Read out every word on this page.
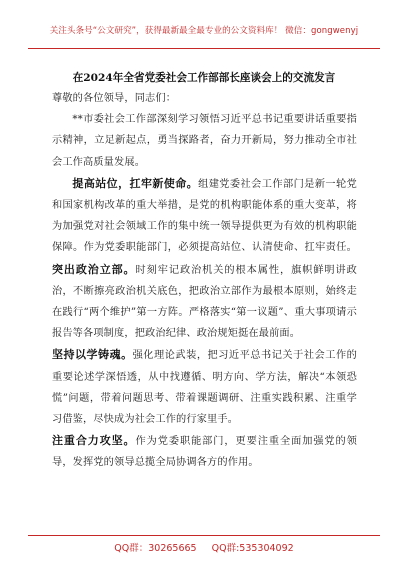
关注头条号“公文研究”，获得最新最全最专业的公文资料库！ 微信：gongwenyj
在2024年全省党委社会工作部部长座谈会上的交流发言

尊敬的各位领导，同志们：

**市委社会工作部深刻学习领悟习近平总书记重要讲话重要指示精神，立足新起点，勇当探路者，奋力开新局，努力推动全市社会工作高质量发展。

提高站位，扛牢新使命。组建党委社会工作部门是新一轮党和国家机构改革的重大举措，是党的机构职能体系的重大变革，将为加强党对社会领域工作的集中统一领导提供更为有效的机构职能保障。作为党委职能部门，必须提高站位、认清使命、扛牢责任。突出政治立部。时刻牢记政治机关的根本属性，旗帜鲜明讲政治，不断擦亮政治机关底色，把政治立部作为最根本原则，始终走在践行“两个维护”第一方阵。严格落实“第一议题”、重大事项请示报告等各项制度，把政治纪律、政治规矩挺在最前面。

坚持以学铸魂。强化理论武装，把习近平总书记关于社会工作的重要论述学深悟透，从中找遵循、明方向、学方法，解决“本领恐慌”问题，带着问题思考、带着课题调研、注重实践积累、注重学习借鉴，尽快成为社会工作的行家里手。

注重合力攻坚。作为党委职能部门，更要注重全面加强党的领导，发挥党的领导总揽全局协调各方的作用。

QQ群：30265665 QQ群:535304092
